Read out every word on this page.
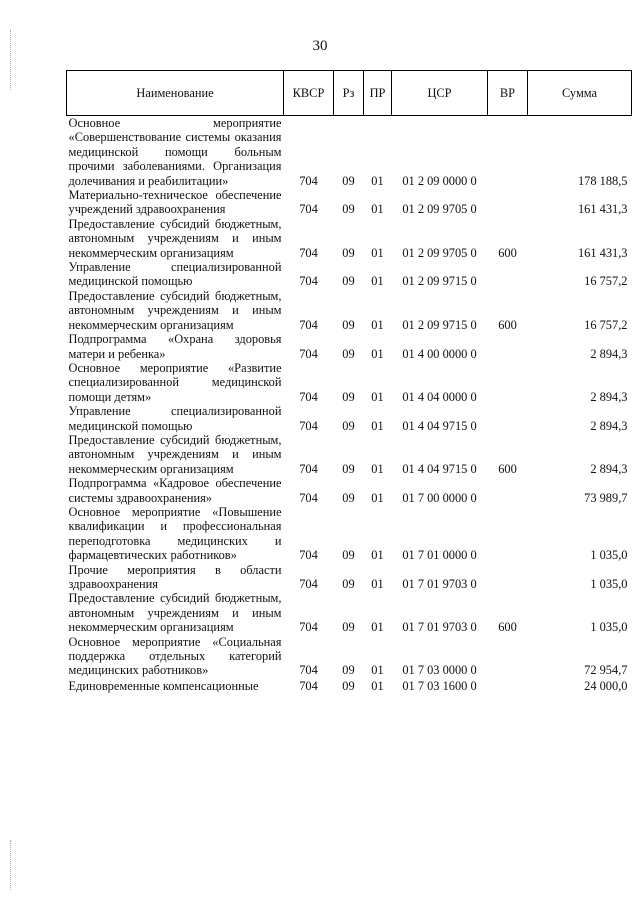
30
Наименование	КВСР	Рз	ПР	ЦСР	ВР	Сумма
Основное мероприятие «Совершенствование системы оказания медицинской помощи больным прочими заболеваниями. Организация долечивания и реабилитации»	704	09	01	01 2 09 0000 0		178 188,5
Материально-техническое обеспечение учреждений здравоохранения	704	09	01	01 2 09 9705 0		161 431,3
Предоставление субсидий бюджетным, автономным учреждениям и иным некоммерческим организациям	704	09	01	01 2 09 9705 0	600	161 431,3
Управление специализированной медицинской помощью	704	09	01	01 2 09 9715 0		16 757,2
Предоставление субсидий бюджетным, автономным учреждениям и иным некоммерческим организациям	704	09	01	01 2 09 9715 0	600	16 757,2
Подпрограмма «Охрана здоровья матери и ребенка»	704	09	01	01 4 00 0000 0		2 894,3
Основное мероприятие «Развитие специализированной медицинской помощи детям»	704	09	01	01 4 04 0000 0		2 894,3
Управление специализированной медицинской помощью	704	09	01	01 4 04 9715 0		2 894,3
Предоставление субсидий бюджетным, автономным учреждениям и иным некоммерческим организациям	704	09	01	01 4 04 9715 0	600	2 894,3
Подпрограмма «Кадровое обеспечение системы здравоохранения»	704	09	01	01 7 00 0000 0		73 989,7
Основное мероприятие «Повышение квалификации и профессиональная переподготовка медицинских и фармацевтических работников»	704	09	01	01 7 01 0000 0		1 035,0
Прочие мероприятия в области здравоохранения	704	09	01	01 7 01 9703 0		1 035,0
Предоставление субсидий бюджетным, автономным учреждениям и иным некоммерческим организациям	704	09	01	01 7 01 9703 0	600	1 035,0
Основное мероприятие «Социальная поддержка отдельных категорий медицинских работников»	704	09	01	01 7 03 0000 0		72 954,7
Единовременные компенсационные	704	09	01	01 7 03 1600 0		24 000,0
